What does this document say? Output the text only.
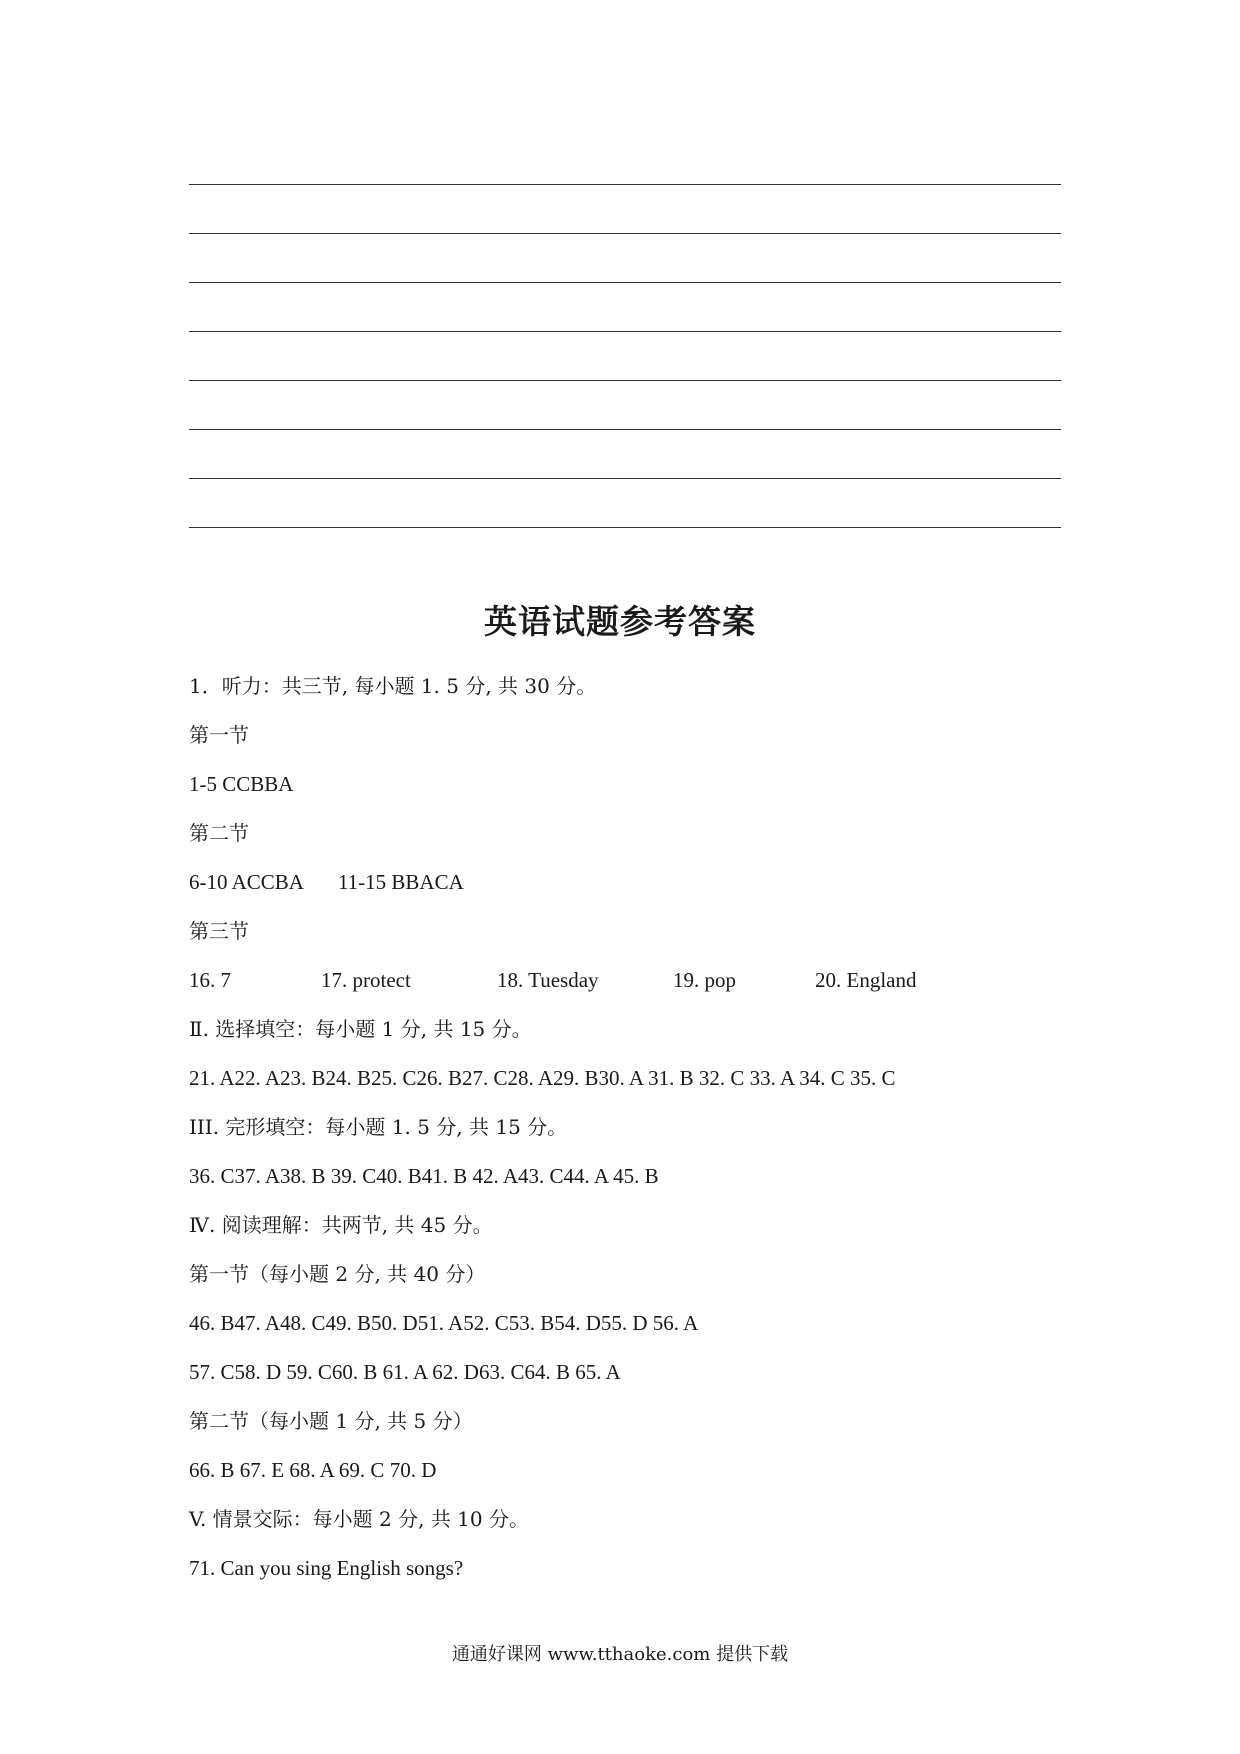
英语试题参考答案
1．听力：共三节, 每小题 1. 5 分, 共 30 分。
第一节
1-5 CCBBA
第二节
6-10 ACCBA 11-15 BBACA
第三节
16. 7	17. protect	18. Tuesday	19. pop	20. England
Ⅱ. 选择填空：每小题 1 分, 共 15 分。
21. A22. A23. B24. B25. C26. B27. C28. A29. B30. A 31. B 32. C 33. A 34. C 35. C
III. 完形填空：每小题 1. 5 分, 共 15 分。
36. C37. A38. B 39. C40. B41. B 42. A43. C44. A 45. B
Ⅳ. 阅读理解：共两节, 共 45 分。
第一节（每小题 2 分, 共 40 分）
46. B47. A48. C49. B50. D51. A52. C53. B54. D55. D 56. A
57. C58. D 59. C60. B 61. A 62. D63. C64. B 65. A
第二节（每小题 1 分, 共 5 分）
66. B 67. E 68. A 69. C 70. D
V. 情景交际：每小题 2 分, 共 10 分。
71. Can you sing English songs?
通通好课网 www.tthaoke.com 提供下载
